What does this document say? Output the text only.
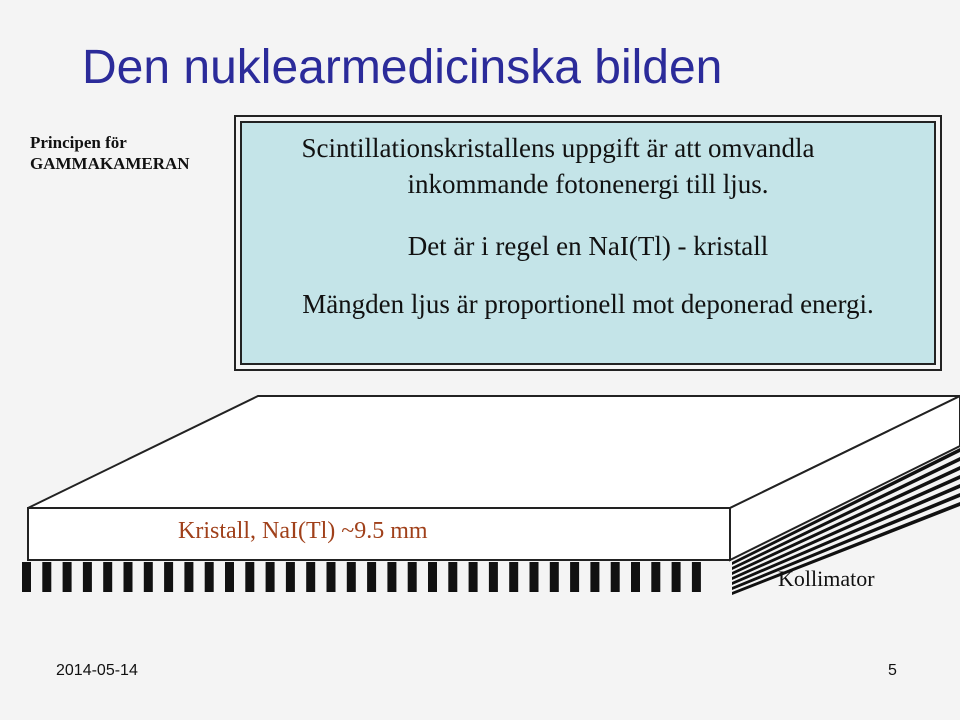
Den nuklearmedicinska bilden
Principen för
GAMMAKAMERAN
Scintillationskristallens uppgift är att omvandla
inkommande fotonenergi till ljus.
Det är i regel en NaI(Tl) - kristall
Mängden ljus är proportionell mot deponerad energi.
Kristall, NaI(Tl) ~9.5 mm
Kollimator
2014-05-14	5
